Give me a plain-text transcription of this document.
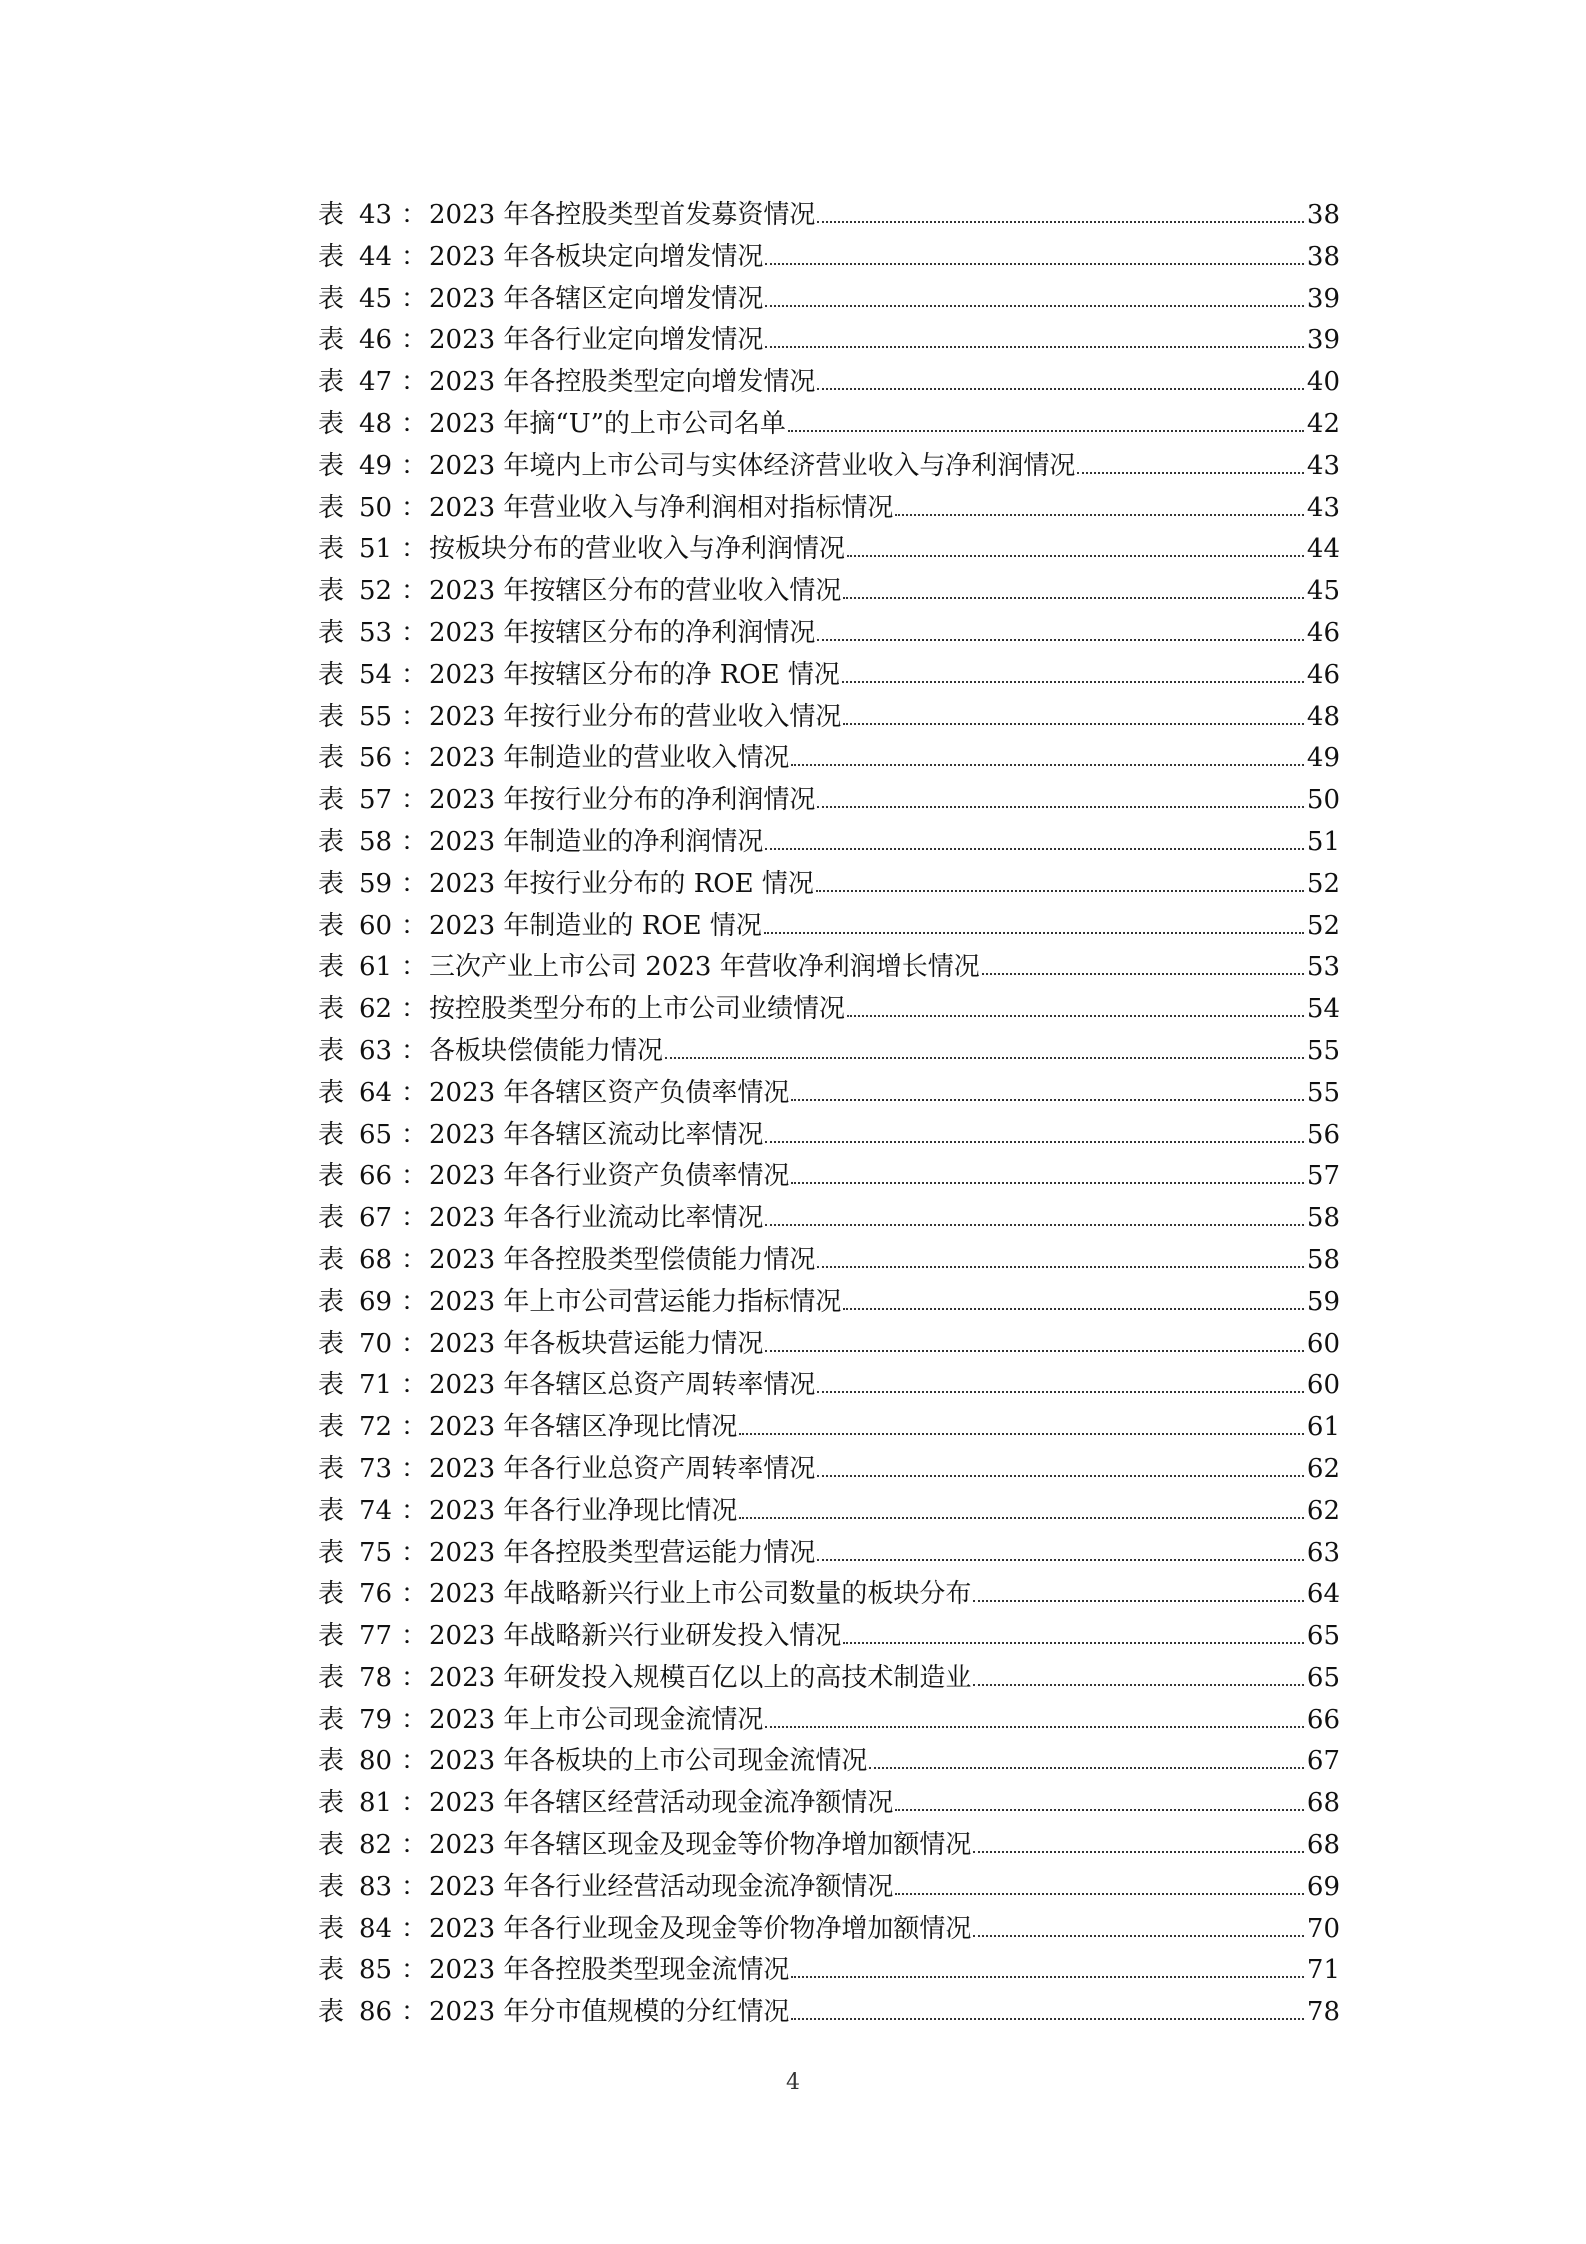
表 43 ： 2023 年各控股类型首发募资情况	38
表 44 ： 2023 年各板块定向增发情况	38
表 45 ： 2023 年各辖区定向增发情况	39
表 46 ： 2023 年各行业定向增发情况	39
表 47 ： 2023 年各控股类型定向增发情况	40
表 48 ： 2023 年摘“U”的上市公司名单	42
表 49 ： 2023 年境内上市公司与实体经济营业收入与净利润情况	43
表 50 ： 2023 年营业收入与净利润相对指标情况	43
表 51 ： 按板块分布的营业收入与净利润情况	44
表 52 ： 2023 年按辖区分布的营业收入情况	45
表 53 ： 2023 年按辖区分布的净利润情况	46
表 54 ： 2023 年按辖区分布的净 ROE 情况	46
表 55 ： 2023 年按行业分布的营业收入情况	48
表 56 ： 2023 年制造业的营业收入情况	49
表 57 ： 2023 年按行业分布的净利润情况	50
表 58 ： 2023 年制造业的净利润情况	51
表 59 ： 2023 年按行业分布的 ROE 情况	52
表 60 ： 2023 年制造业的 ROE 情况	52
表 61 ： 三次产业上市公司 2023 年营收净利润增长情况	53
表 62 ： 按控股类型分布的上市公司业绩情况	54
表 63 ： 各板块偿债能力情况	55
表 64 ： 2023 年各辖区资产负债率情况	55
表 65 ： 2023 年各辖区流动比率情况	56
表 66 ： 2023 年各行业资产负债率情况	57
表 67 ： 2023 年各行业流动比率情况	58
表 68 ： 2023 年各控股类型偿债能力情况	58
表 69 ： 2023 年上市公司营运能力指标情况	59
表 70 ： 2023 年各板块营运能力情况	60
表 71 ： 2023 年各辖区总资产周转率情况	60
表 72 ： 2023 年各辖区净现比情况	61
表 73 ： 2023 年各行业总资产周转率情况	62
表 74 ： 2023 年各行业净现比情况	62
表 75 ： 2023 年各控股类型营运能力情况	63
表 76 ： 2023 年战略新兴行业上市公司数量的板块分布	64
表 77 ： 2023 年战略新兴行业研发投入情况	65
表 78 ： 2023 年研发投入规模百亿以上的高技术制造业	65
表 79 ： 2023 年上市公司现金流情况	66
表 80 ： 2023 年各板块的上市公司现金流情况	67
表 81 ： 2023 年各辖区经营活动现金流净额情况	68
表 82 ： 2023 年各辖区现金及现金等价物净增加额情况	68
表 83 ： 2023 年各行业经营活动现金流净额情况	69
表 84 ： 2023 年各行业现金及现金等价物净增加额情况	70
表 85 ： 2023 年各控股类型现金流情况	71
表 86 ： 2023 年分市值规模的分红情况	78
4
